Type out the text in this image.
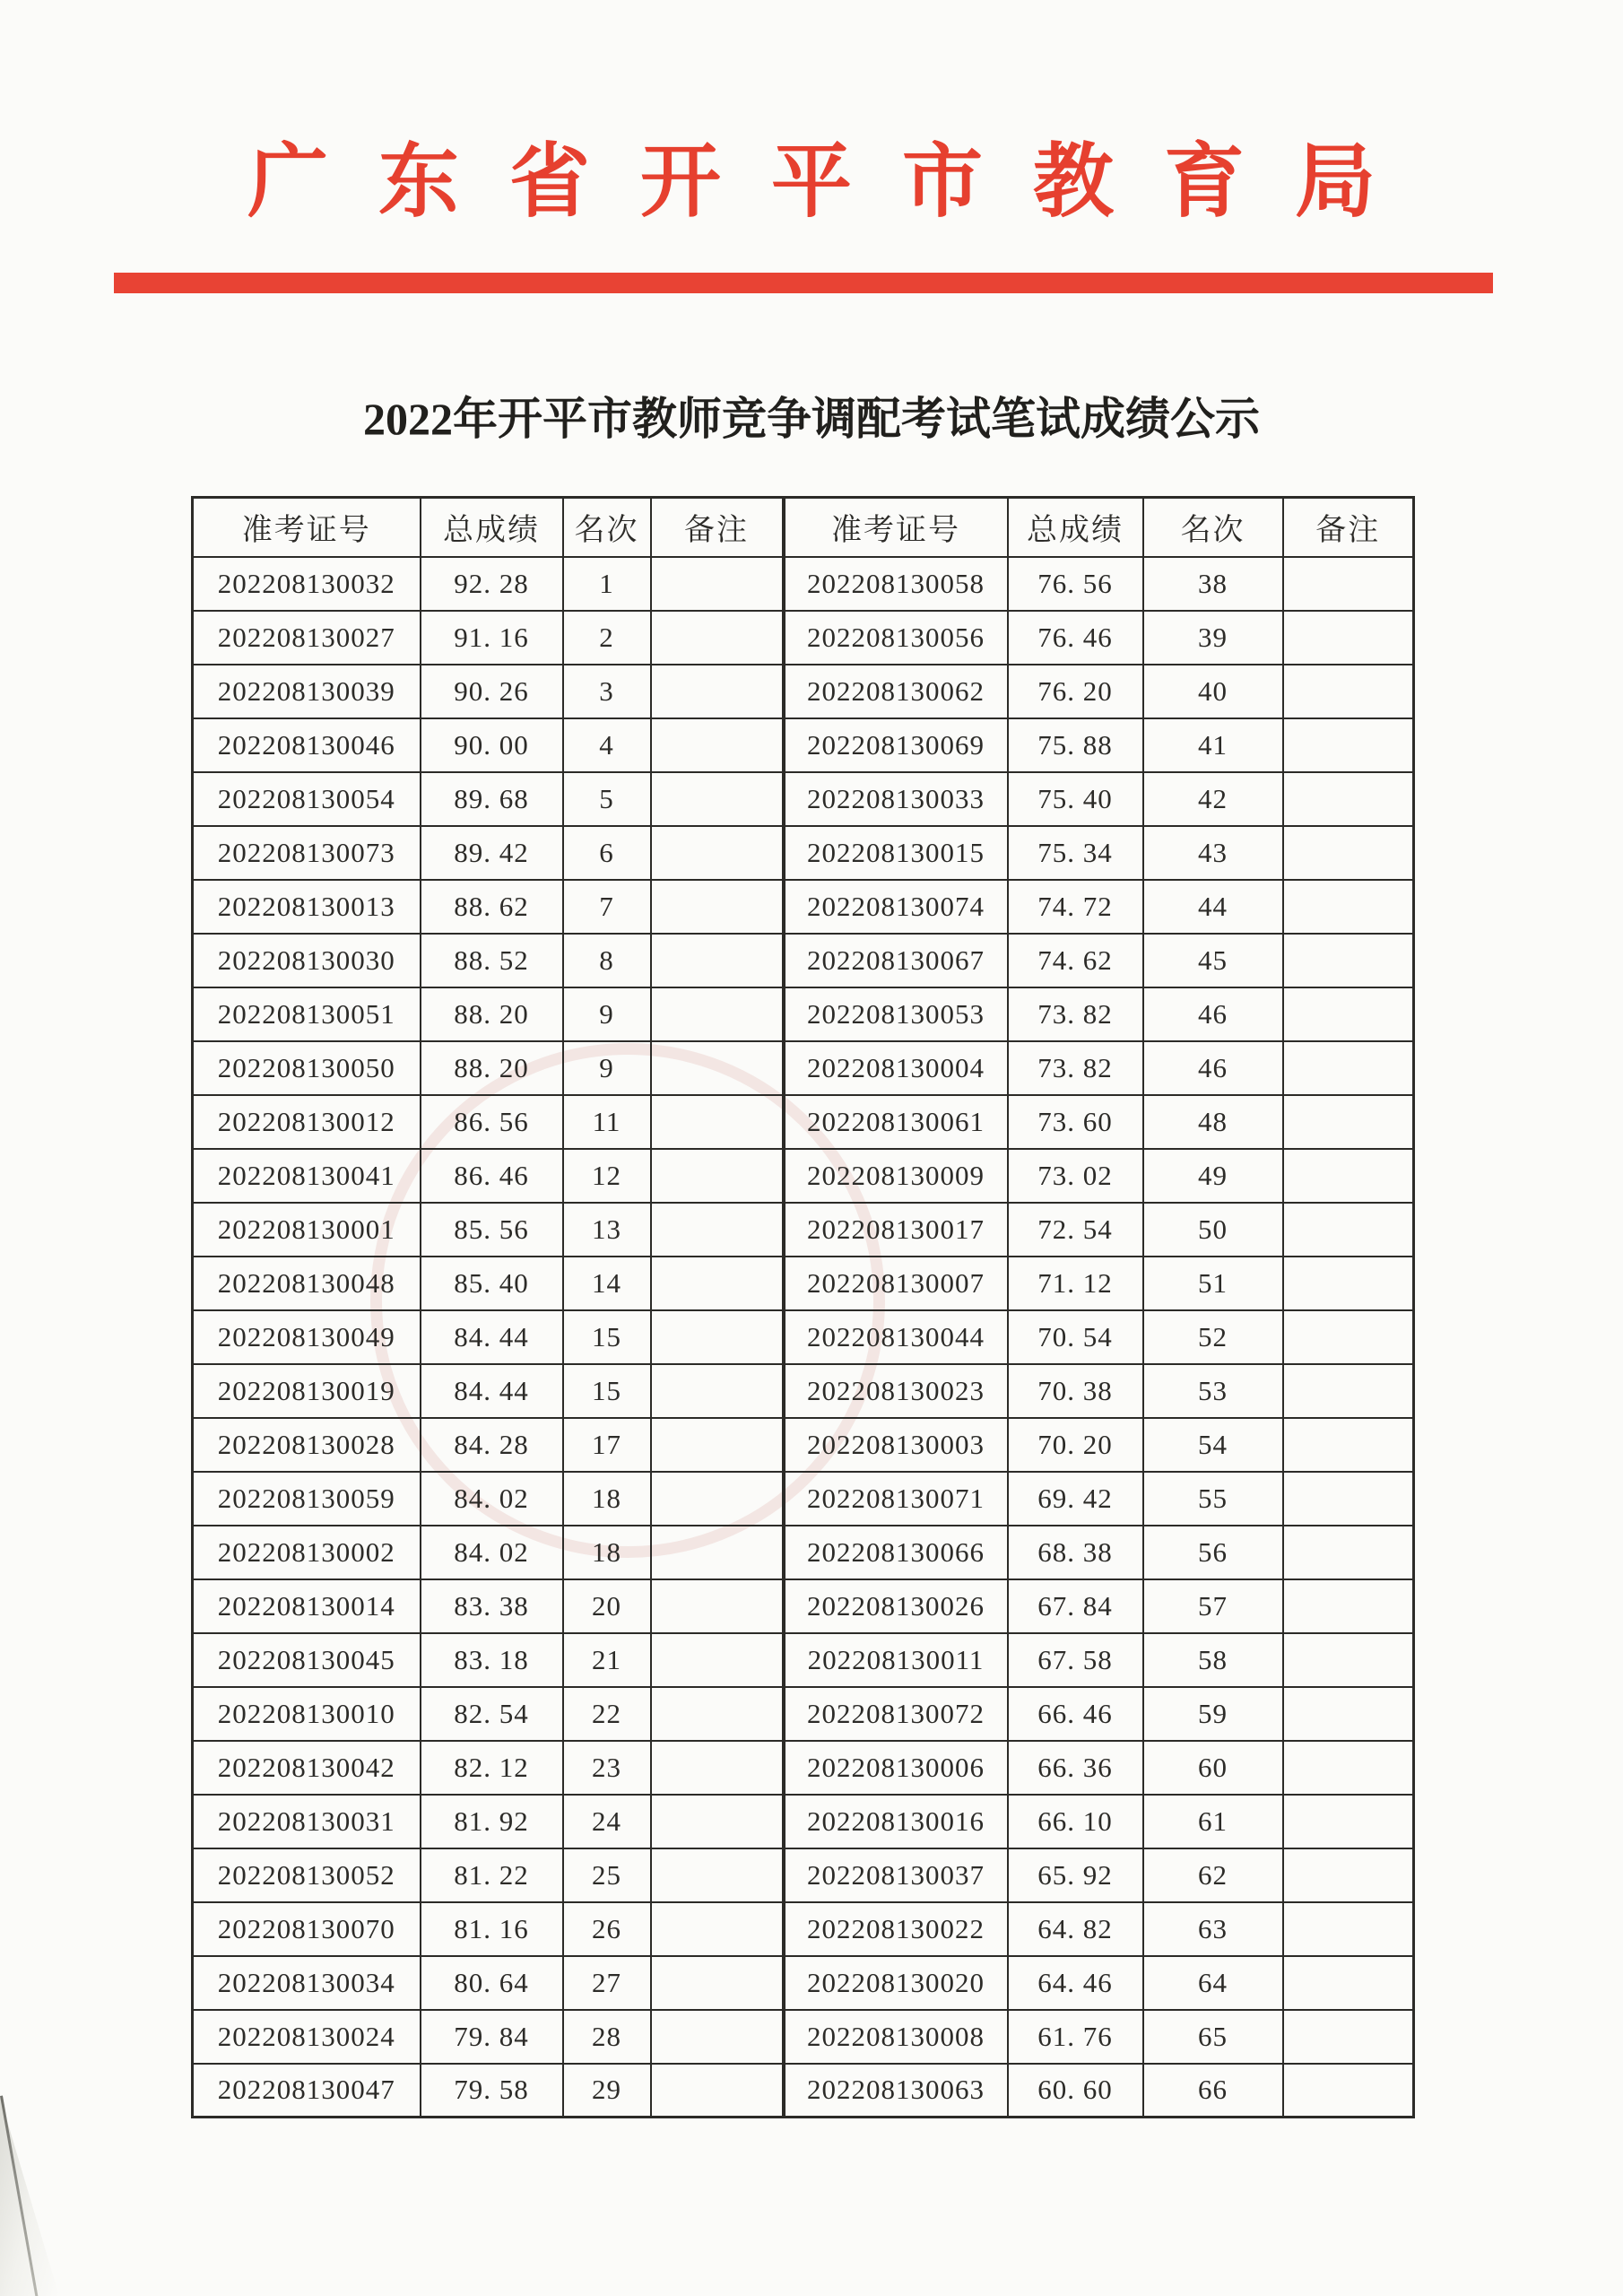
广东省开平市教育局
2022年开平市教师竞争调配考试笔试成绩公示
准考证号	总成绩	名次	备注	准考证号	总成绩	名次	备注
202208130032	92. 28	1		202208130058	76. 56	38	
202208130027	91. 16	2		202208130056	76. 46	39	
202208130039	90. 26	3		202208130062	76. 20	40	
202208130046	90. 00	4		202208130069	75. 88	41	
202208130054	89. 68	5		202208130033	75. 40	42	
202208130073	89. 42	6		202208130015	75. 34	43	
202208130013	88. 62	7		202208130074	74. 72	44	
202208130030	88. 52	8		202208130067	74. 62	45	
202208130051	88. 20	9		202208130053	73. 82	46	
202208130050	88. 20	9		202208130004	73. 82	46	
202208130012	86. 56	11		202208130061	73. 60	48	
202208130041	86. 46	12		202208130009	73. 02	49	
202208130001	85. 56	13		202208130017	72. 54	50	
202208130048	85. 40	14		202208130007	71. 12	51	
202208130049	84. 44	15		202208130044	70. 54	52	
202208130019	84. 44	15		202208130023	70. 38	53	
202208130028	84. 28	17		202208130003	70. 20	54	
202208130059	84. 02	18		202208130071	69. 42	55	
202208130002	84. 02	18		202208130066	68. 38	56	
202208130014	83. 38	20		202208130026	67. 84	57	
202208130045	83. 18	21		202208130011	67. 58	58	
202208130010	82. 54	22		202208130072	66. 46	59	
202208130042	82. 12	23		202208130006	66. 36	60	
202208130031	81. 92	24		202208130016	66. 10	61	
202208130052	81. 22	25		202208130037	65. 92	62	
202208130070	81. 16	26		202208130022	64. 82	63	
202208130034	80. 64	27		202208130020	64. 46	64	
202208130024	79. 84	28		202208130008	61. 76	65	
202208130047	79. 58	29		202208130063	60. 60	66	
